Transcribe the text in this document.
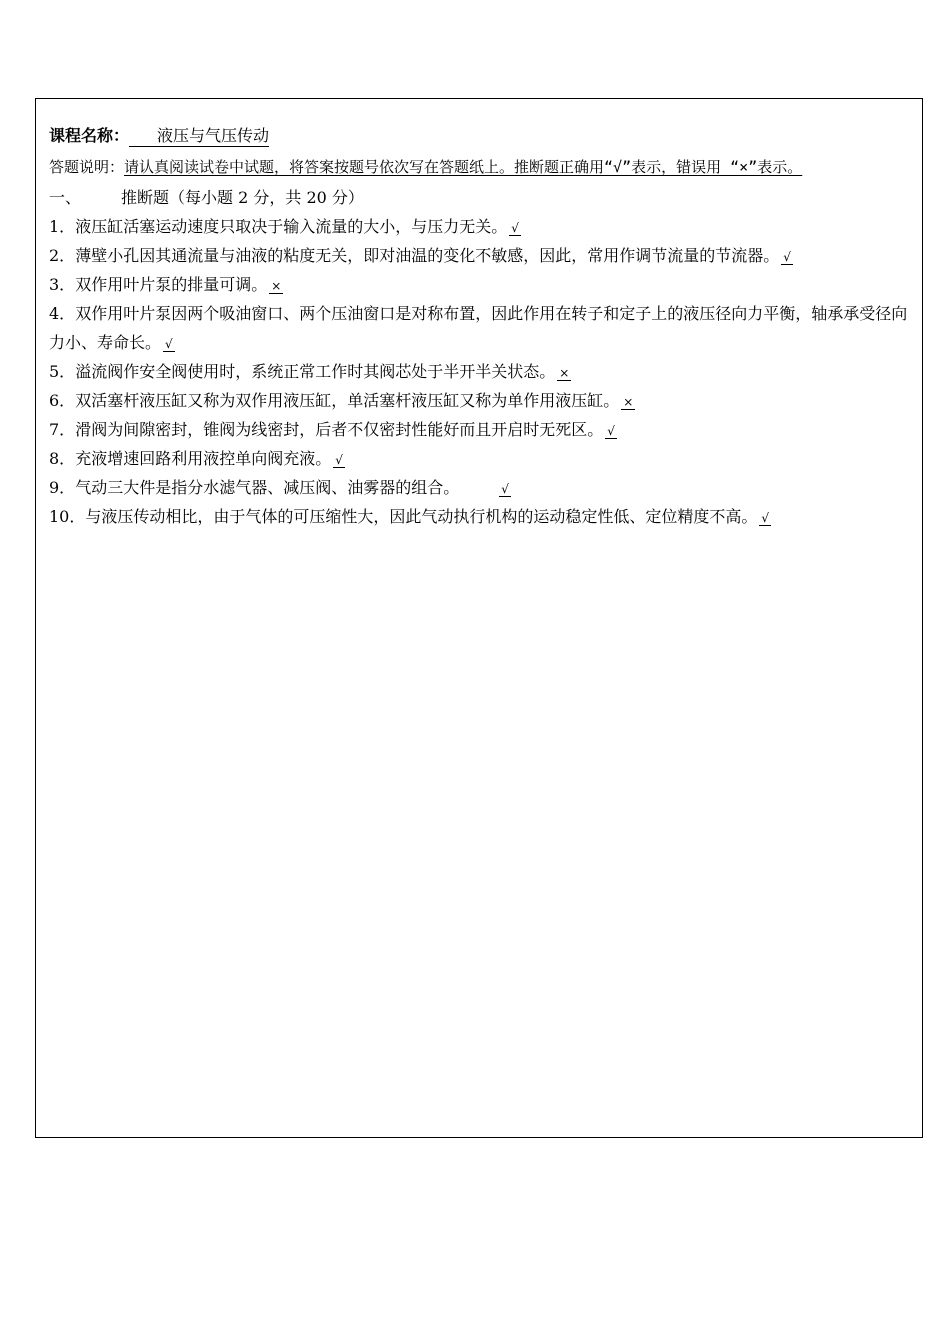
课程名称： 液压与气压传动
答题说明：请认真阅读试卷中试题，将答案按题号依次写在答题纸上。推断题正确用“√”表示，错误用 “×”表示。
一、	推断题（每小题 2 分，共 20 分）
1．液压缸活塞运动速度只取决于输入流量的大小，与压力无关。 √
2．薄壁小孔因其通流量与油液的粘度无关，即对油温的变化不敏感，因此，常用作调节流量的节流器。 √
3．双作用叶片泵的排量可调。 ×
4．双作用叶片泵因两个吸油窗口、两个压油窗口是对称布置，因此作用在转子和定子上的液压径向力平衡，轴承承受径向力小、寿命长。 √
5．溢流阀作安全阀使用时，系统正常工作时其阀芯处于半开半关状态。 ×
6．双活塞杆液压缸又称为双作用液压缸，单活塞杆液压缸又称为单作用液压缸。 ×
7．滑阀为间隙密封，锥阀为线密封，后者不仅密封性能好而且开启时无死区。 √
8．充液增速回路利用液控单向阀充液。 √
9．气动三大件是指分水滤气器、减压阀、油雾器的组合。	√
10．与液压传动相比，由于气体的可压缩性大，因此气动执行机构的运动稳定性低、定位精度不高。 √
